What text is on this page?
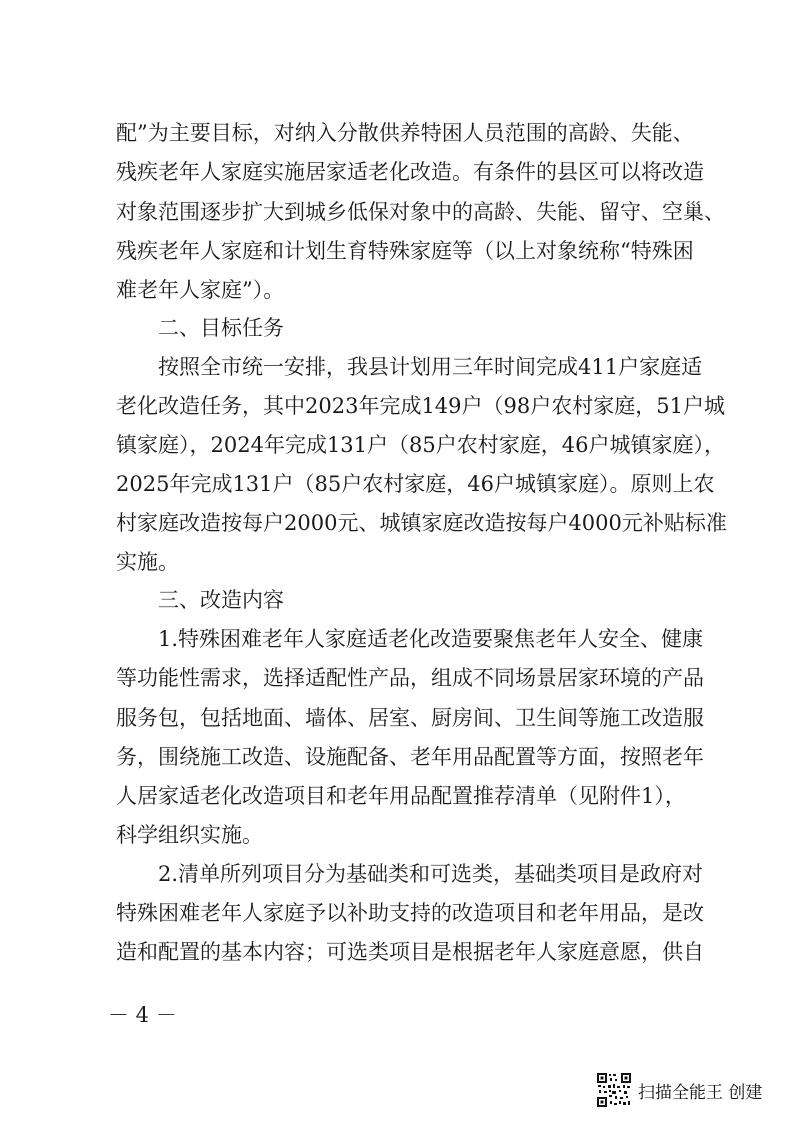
配”为主要目标，对纳入分散供养特困人员范围的高龄、失能、
残疾老年人家庭实施居家适老化改造。有条件的县区可以将改造
对象范围逐步扩大到城乡低保对象中的高龄、失能、留守、空巢、
残疾老年人家庭和计划生育特殊家庭等（以上对象统称“特殊困
难老年人家庭”）。
二、目标任务
按照全市统一安排，我县计划用三年时间完成411户家庭适
老化改造任务，其中2023年完成149户（98户农村家庭，51户城
镇家庭），2024年完成131户（85户农村家庭，46户城镇家庭），
2025年完成131户（85户农村家庭，46户城镇家庭）。原则上农
村家庭改造按每户2000元、城镇家庭改造按每户4000元补贴标准
实施。
三、改造内容
1.特殊困难老年人家庭适老化改造要聚焦老年人安全、健康
等功能性需求，选择适配性产品，组成不同场景居家环境的产品
服务包，包括地面、墙体、居室、厨房间、卫生间等施工改造服
务，围绕施工改造、设施配备、老年用品配置等方面，按照老年
人居家适老化改造项目和老年用品配置推荐清单（见附件1），
科学组织实施。
2.清单所列项目分为基础类和可选类，基础类项目是政府对
特殊困难老年人家庭予以补助支持的改造项目和老年用品，是改
造和配置的基本内容；可选类项目是根据老年人家庭意愿，供自
－ 4 －
扫描全能王 创建
